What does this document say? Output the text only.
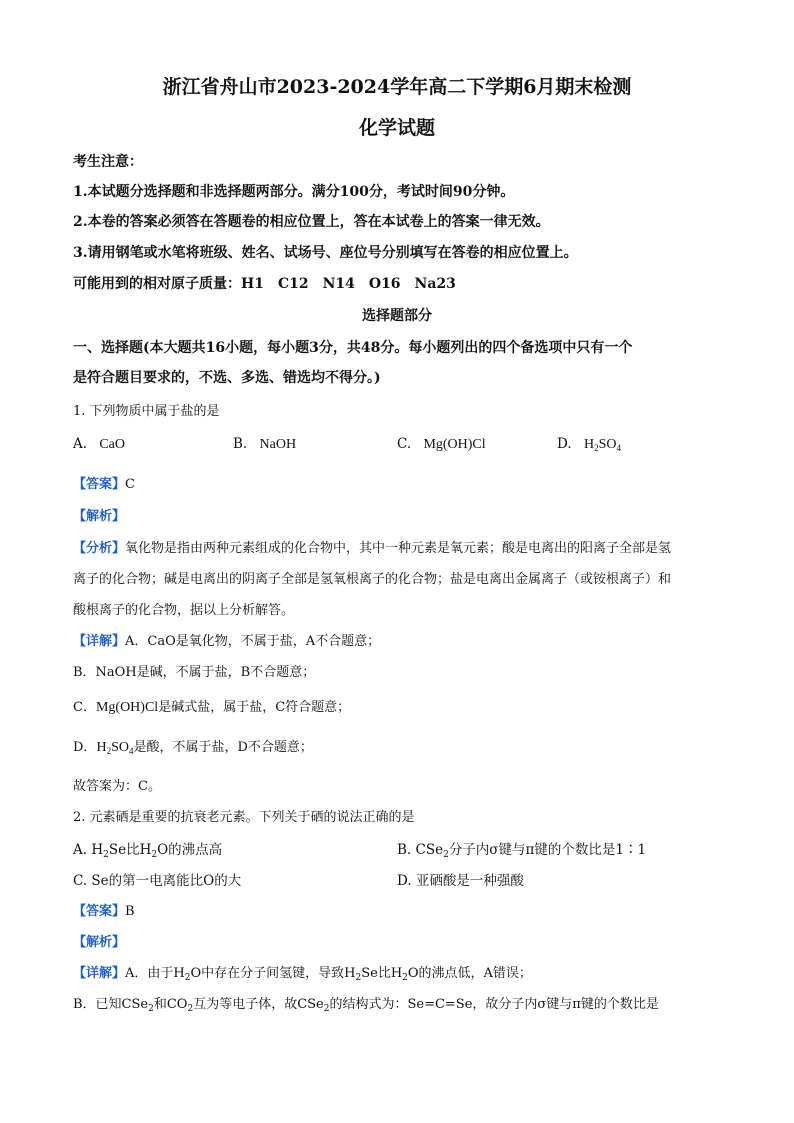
浙江省舟山市2023-2024学年高二下学期6月期末检测
化学试题
考生注意：
1.本试题分选择题和非选择题两部分。满分100分，考试时间90分钟。
2.本卷的答案必须答在答题卷的相应位置上，答在本试卷上的答案一律无效。
3.请用钢笔或水笔将班级、姓名、试场号、座位号分别填写在答卷的相应位置上。
可能用到的相对原子质量：H1　C12　N14　O16　Na23
选择题部分
一、选择题(本大题共16小题，每小题3分，共48分。每小题列出的四个备选项中只有一个
是符合题目要求的，不选、多选、错选均不得分。)
1. 下列物质中属于盐的是
A. CaO	B. NaOH	C. Mg(OH)Cl	D. $H_2SO_4$
【答案】C
【解析】
【分析】氧化物是指由两种元素组成的化合物中，其中一种元素是氧元素；酸是电离出的阳离子全部是氢
离子的化合物；碱是电离出的阴离子全部是氢氧根离子的化合物；盐是电离出金属离子（或铵根离子）和
酸根离子的化合物，据以上分析解答。
【详解】A．CaO是氧化物，不属于盐，A不合题意；
B．NaOH是碱，不属于盐，B不合题意；
C．Mg(OH)Cl是碱式盐，属于盐，C符合题意；
D．$H_2SO_4$是酸，不属于盐，D不合题意；
故答案为：C。
2. 元素硒是重要的抗衰老元素。下列关于硒的说法正确的是
A. $H_2Se$比$H_2O$的沸点高	B. CSe$_2$分子内σ键与π键的个数比是1∶1
C. Se的第一电离能比O的大	D. 亚硒酸是一种强酸
【答案】B
【解析】
【详解】A．由于$H_2O$中存在分子间氢键，导致$H_2Se$比$H_2O$的沸点低，A错误；
B．已知CSe$_2$和$CO_2$互为等电子体，故CSe$_2$的结构式为：Se=C=Se，故分子内σ键与π键的个数比是
